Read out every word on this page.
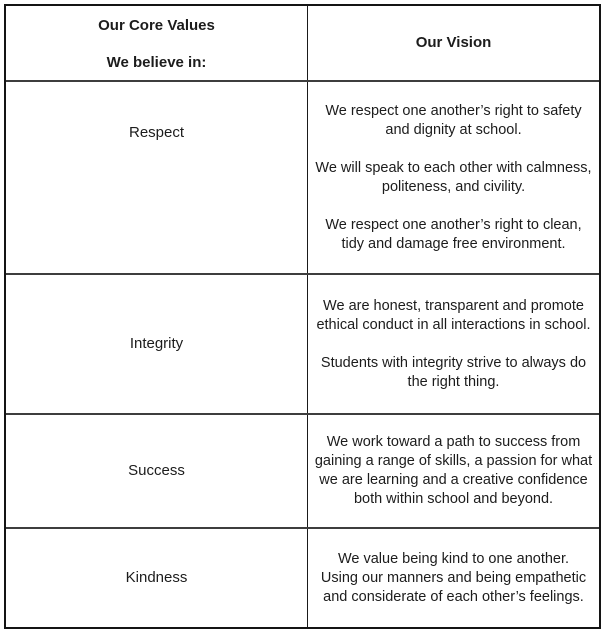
Our Core Values
We believe in:
Our Vision
Respect

We respect one another’s right to safety and dignity at school.

We will speak to each other with calmness, politeness, and civility.

We respect one another’s right to clean, tidy and damage free environment.

Integrity

We are honest, transparent and promote ethical conduct in all interactions in school.

Students with integrity strive to always do the right thing.

Success

We work toward a path to success from gaining a range of skills, a passion for what we are learning and a creative confidence both within school and beyond.

Kindness

We value being kind to one another.

Using our manners and being empathetic and considerate of each other’s feelings.
